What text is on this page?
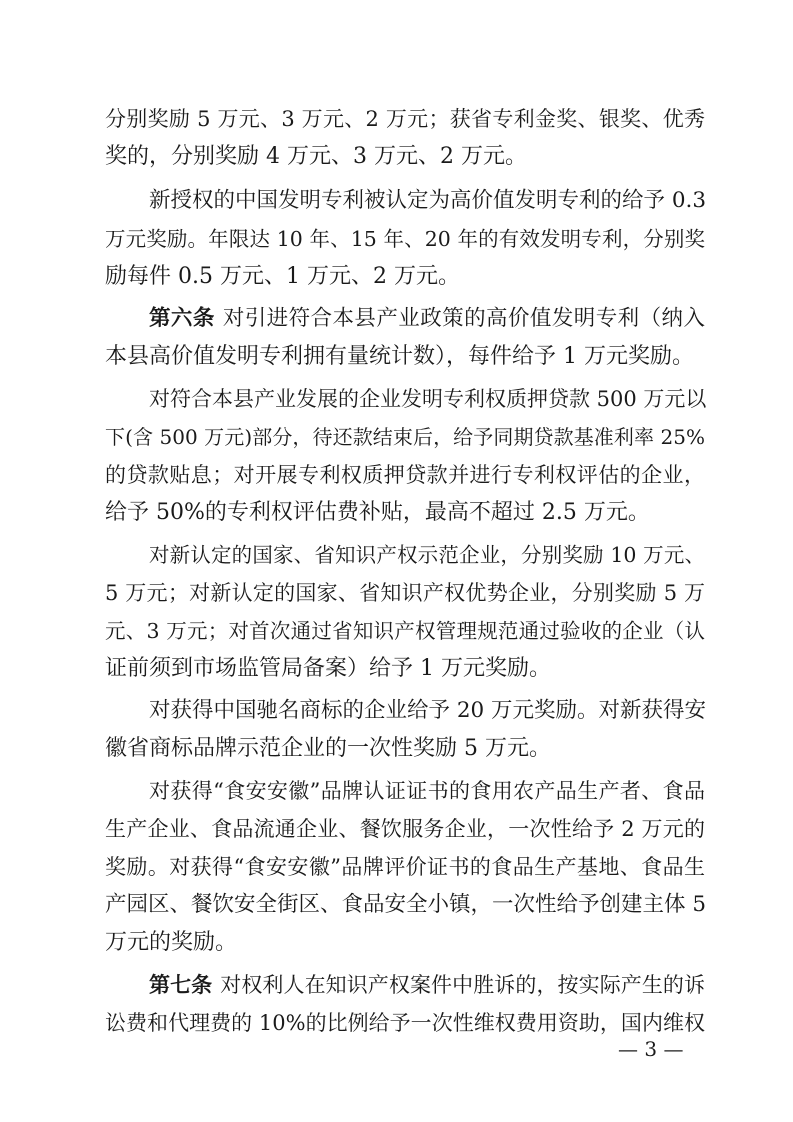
分别奖励 5 万元、3 万元、2 万元；获省专利金奖、银奖、优秀
奖的，分别奖励 4 万元、3 万元、2 万元。
新授权的中国发明专利被认定为高价值发明专利的给予 0.3
万元奖励。年限达 10 年、15 年、20 年的有效发明专利，分别奖
励每件 0.5 万元、1 万元、2 万元。
第六条 对引进符合本县产业政策的高价值发明专利（纳入
本县高价值发明专利拥有量统计数），每件给予 1 万元奖励。
对符合本县产业发展的企业发明专利权质押贷款 500 万元以
下(含 500 万元)部分，待还款结束后，给予同期贷款基准利率 25%
的贷款贴息；对开展专利权质押贷款并进行专利权评估的企业，
给予 50%的专利权评估费补贴，最高不超过 2.5 万元。
对新认定的国家、省知识产权示范企业，分别奖励 10 万元、
5 万元；对新认定的国家、省知识产权优势企业，分别奖励 5 万
元、3 万元；对首次通过省知识产权管理规范通过验收的企业（认
证前须到市场监管局备案）给予 1 万元奖励。
对获得中国驰名商标的企业给予 20 万元奖励。对新获得安
徽省商标品牌示范企业的一次性奖励 5 万元。
对获得“食安安徽”品牌认证证书的食用农产品生产者、食品
生产企业、食品流通企业、餐饮服务企业，一次性给予 2 万元的
奖励。对获得“食安安徽”品牌评价证书的食品生产基地、食品生
产园区、餐饮安全街区、食品安全小镇，一次性给予创建主体 5
万元的奖励。
第七条 对权利人在知识产权案件中胜诉的，按实际产生的诉
讼费和代理费的 10%的比例给予一次性维权费用资助，国内维权
— 3 —
